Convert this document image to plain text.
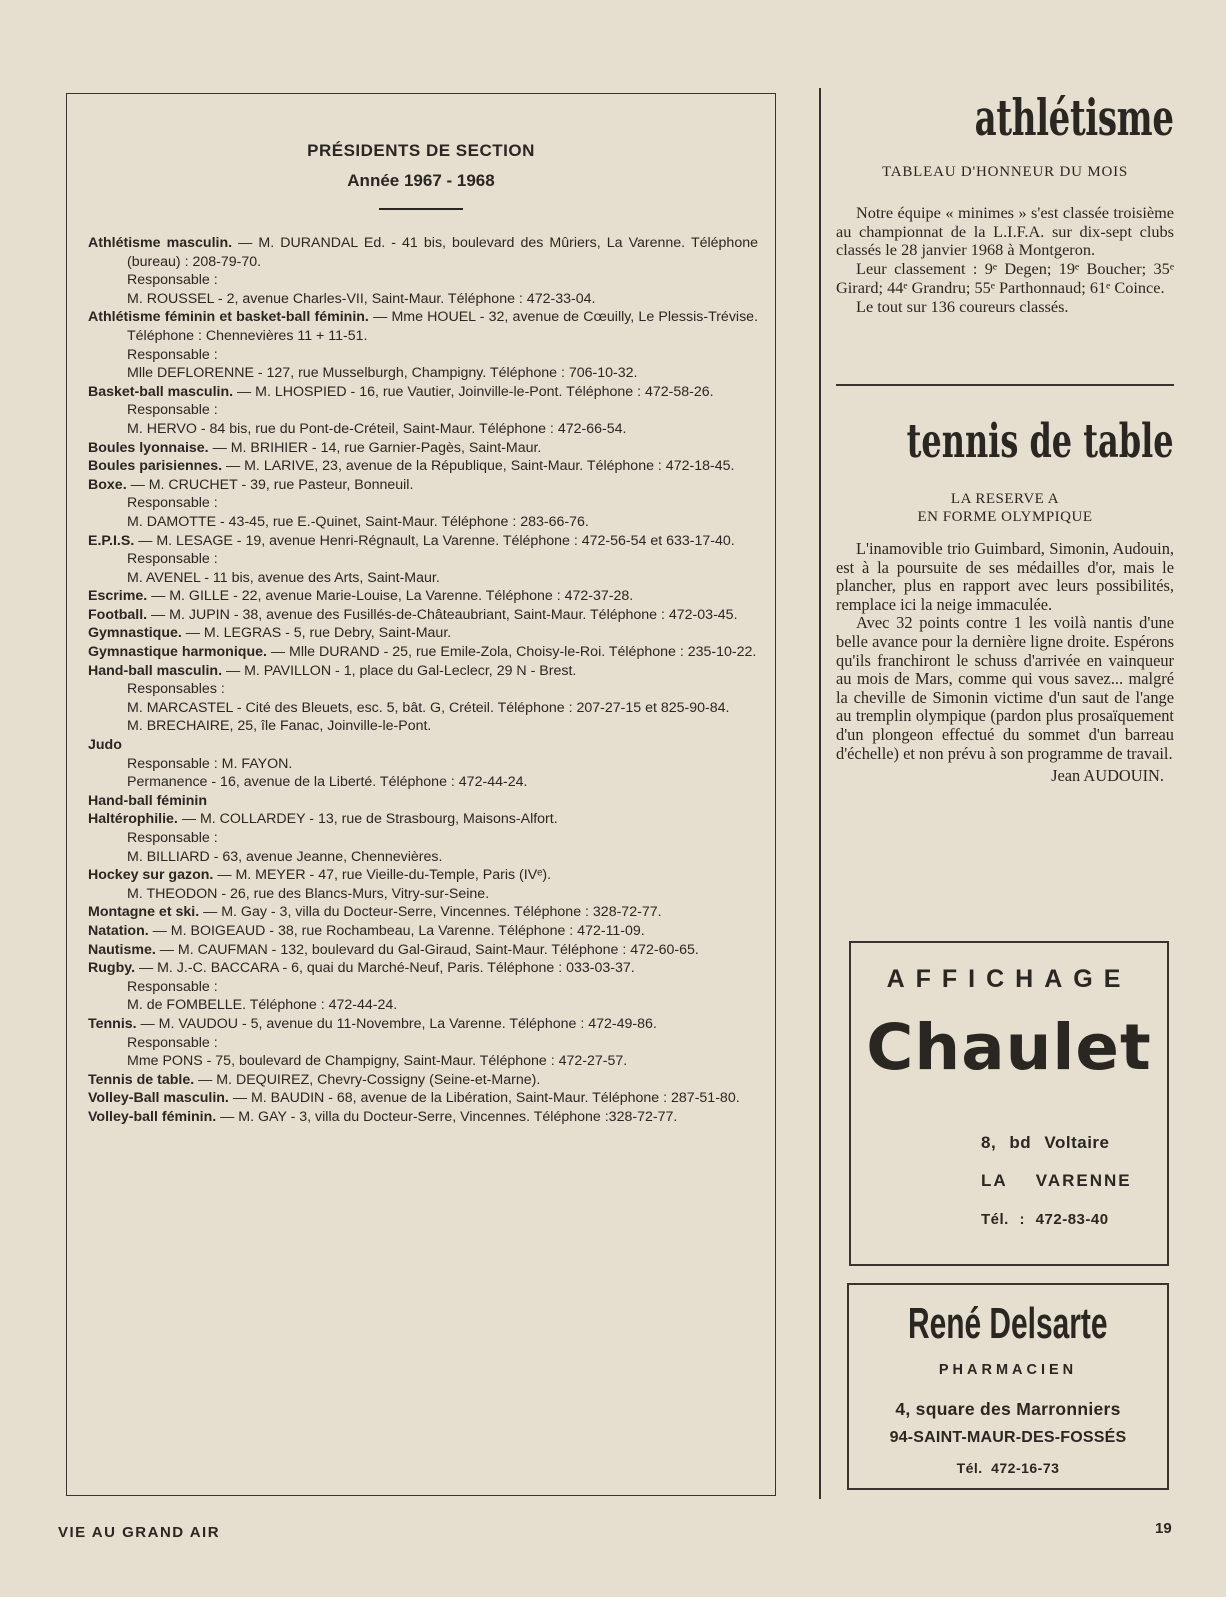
PRÉSIDENTS DE SECTION
Année 1967 - 1968
Athlétisme masculin. — M. DURANDAL Ed. - 41 bis, boulevard des Mûriers, La Varenne. Téléphone (bureau) : 208-79-70.
Responsable :
M. ROUSSEL - 2, avenue Charles-VII, Saint-Maur. Téléphone : 472-33-04.
Athlétisme féminin et basket-ball féminin. — Mme HOUEL - 32, avenue de Cœuilly, Le Plessis-Trévise. Téléphone : Chennevières 11 + 11-51.
Responsable :
Mlle DEFLORENNE - 127, rue Musselburgh, Champigny. Téléphone : 706-10-32.
Basket-ball masculin. — M. LHOSPIED - 16, rue Vautier, Joinville-le-Pont. Téléphone : 472-58-26.
Responsable :
M. HERVO - 84 bis, rue du Pont-de-Créteil, Saint-Maur. Téléphone : 472-66-54.
Boules lyonnaise. — M. BRIHIER - 14, rue Garnier-Pagès, Saint-Maur.
Boules parisiennes. — M. LARIVE, 23, avenue de la République, Saint-Maur. Téléphone : 472-18-45.
Boxe. — M. CRUCHET - 39, rue Pasteur, Bonneuil.
Responsable :
M. DAMOTTE - 43-45, rue E.-Quinet, Saint-Maur. Téléphone : 283-66-76.
E.P.I.S. — M. LESAGE - 19, avenue Henri-Régnault, La Varenne. Téléphone : 472-56-54 et 633-17-40.
Responsable :
M. AVENEL - 11 bis, avenue des Arts, Saint-Maur.
Escrime. — M. GILLE - 22, avenue Marie-Louise, La Varenne. Téléphone : 472-37-28.
Football. — M. JUPIN - 38, avenue des Fusillés-de-Châteaubriant, Saint-Maur. Téléphone : 472-03-45.
Gymnastique. — M. LEGRAS - 5, rue Debry, Saint-Maur.
Gymnastique harmonique. — Mlle DURAND - 25, rue Emile-Zola, Choisy-le-Roi. Téléphone : 235-10-22.
Hand-ball masculin. — M. PAVILLON - 1, place du Gal-Leclecr, 29 N - Brest.
Responsables :
M. MARCASTEL - Cité des Bleuets, esc. 5, bât. G, Créteil. Téléphone : 207-27-15 et 825-90-84.
M. BRECHAIRE, 25, île Fanac, Joinville-le-Pont.
Judo
Responsable : M. FAYON.
Permanence - 16, avenue de la Liberté. Téléphone : 472-44-24.
Hand-ball féminin
Haltérophilie. — M. COLLARDEY - 13, rue de Strasbourg, Maisons-Alfort.
Responsable :
M. BILLIARD - 63, avenue Jeanne, Chennevières.
Hockey sur gazon. — M. MEYER - 47, rue Vieille-du-Temple, Paris (IVᵉ).
M. THEODON - 26, rue des Blancs-Murs, Vitry-sur-Seine.
Montagne et ski. — M. Gay - 3, villa du Docteur-Serre, Vincennes. Téléphone : 328-72-77.
Natation. — M. BOIGEAUD - 38, rue Rochambeau, La Varenne. Téléphone : 472-11-09.
Nautisme. — M. CAUFMAN - 132, boulevard du Gal-Giraud, Saint-Maur. Téléphone : 472-60-65.
Rugby. — M. J.-C. BACCARA - 6, quai du Marché-Neuf, Paris. Téléphone : 033-03-37.
Responsable :
M. de FOMBELLE. Téléphone : 472-44-24.
Tennis. — M. VAUDOU - 5, avenue du 11-Novembre, La Varenne. Téléphone : 472-49-86.
Responsable :
Mme PONS - 75, boulevard de Champigny, Saint-Maur. Téléphone : 472-27-57.
Tennis de table. — M. DEQUIREZ, Chevry-Cossigny (Seine-et-Marne).
Volley-Ball masculin. — M. BAUDIN - 68, avenue de la Libération, Saint-Maur. Téléphone : 287-51-80.
Volley-ball féminin. — M. GAY - 3, villa du Docteur-Serre, Vincennes. Téléphone :328-72-77.
athlétisme
TABLEAU D'HONNEUR DU MOIS

Notre équipe « minimes » s'est classée troisième au championnat de la L.I.F.A. sur dix-sept clubs classés le 28 janvier 1968 à Montgeron.

Leur classement : 9ᵉ Degen; 19ᵉ Boucher; 35ᵉ Girard; 44ᵉ Grandru; 55ᵉ Parthonnaud; 61ᵉ Coince.

Le tout sur 136 coureurs classés.

tennis de table
LA RESERVE A
EN FORME OLYMPIQUE

L'inamovible trio Guimbard, Simonin, Audouin, est à la poursuite de ses médailles d'or, mais le plancher, plus en rapport avec leurs possibilités, remplace ici la neige immaculée.

Avec 32 points contre 1 les voilà nantis d'une belle avance pour la dernière ligne droite. Espérons qu'ils franchiront le schuss d'arrivée en vainqueur au mois de Mars, comme qui vous savez... malgré la cheville de Simonin victime d'un saut de l'ange au tremplin olympique (pardon plus prosaïquement d'un plongeon effectué du sommet d'un barreau d'échelle) et non prévu à son programme de travail.

Jean AUDOUIN.
AFFICHAGE
Chaulet
8, bd Voltaire
LA VARENNE
Tél. : 472-83-40
René Delsarte
PHARMACIEN
4, square des Marronniers
94-SAINT-MAUR-DES-FOSSÉS
Tél. 472-16-73
VIE AU GRAND AIR	19
